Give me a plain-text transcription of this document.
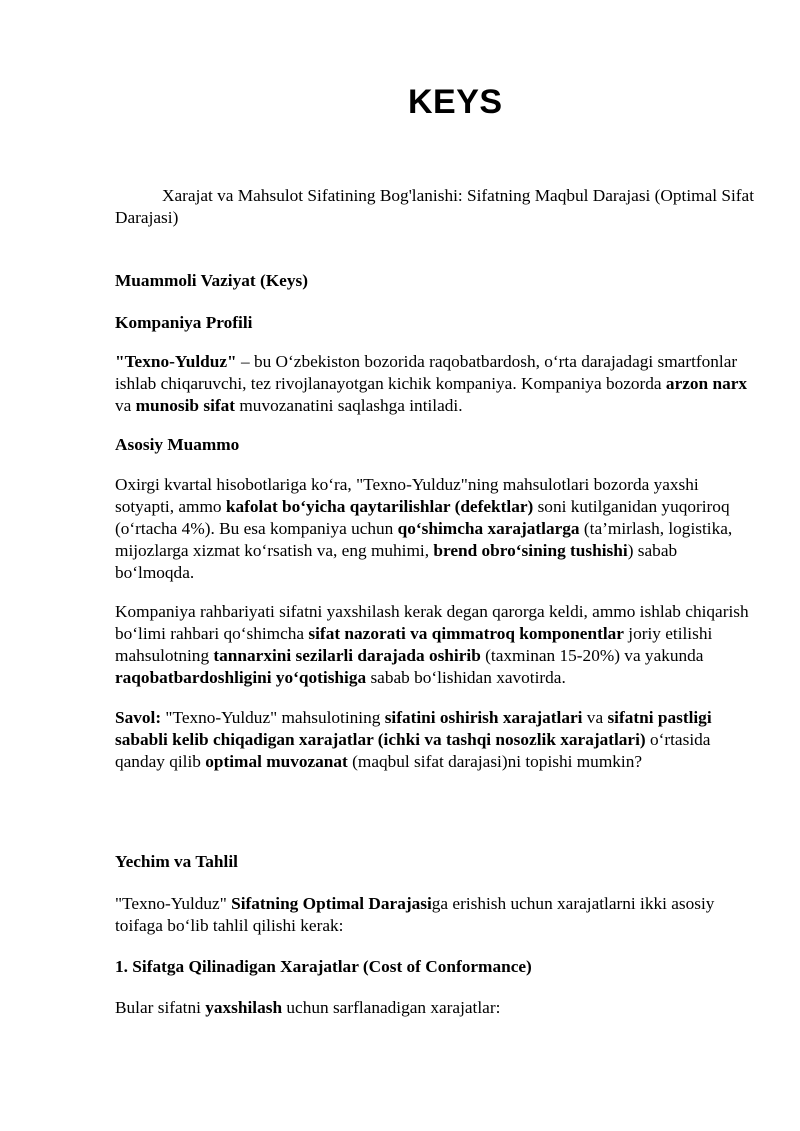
KEYS

Xarajat va Mahsulot Sifatining Bog'lanishi: Sifatning Maqbul Darajasi (Optimal Sifat Darajasi)

Muammoli Vaziyat (Keys)

Kompaniya Profili

"Texno-Yulduz" – bu O‘zbekiston bozorida raqobatbardosh, o‘rta darajadagi smartfonlar ishlab chiqaruvchi, tez rivojlanayotgan kichik kompaniya. Kompaniya bozorda arzon narx va munosib sifat muvozanatini saqlashga intiladi.

Asosiy Muammo

Oxirgi kvartal hisobotlariga ko‘ra, "Texno-Yulduz"ning mahsulotlari bozorda yaxshi sotyapti, ammo kafolat bo‘yicha qaytarilishlar (defektlar) soni kutilganidan yuqoriroq (o‘rtacha 4%). Bu esa kompaniya uchun qo‘shimcha xarajatlarga (ta’mirlash, logistika, mijozlarga xizmat ko‘rsatish va, eng muhimi, brend obro‘sining tushishi) sabab bo‘lmoqda.

Kompaniya rahbariyati sifatni yaxshilash kerak degan qarorga keldi, ammo ishlab chiqarish bo‘limi rahbari qo‘shimcha sifat nazorati va qimmatroq komponentlar joriy etilishi mahsulotning tannarxini sezilarli darajada oshirib (taxminan 15-20%) va yakunda raqobatbardoshligini yo‘qotishiga sabab bo‘lishidan xavotirda.

Savol: "Texno-Yulduz" mahsulotining sifatini oshirish xarajatlari va sifatni pastligi sababli kelib chiqadigan xarajatlar (ichki va tashqi nosozlik xarajatlari) o‘rtasida qanday qilib optimal muvozanat (maqbul sifat darajasi)ni topishi mumkin?

Yechim va Tahlil

"Texno-Yulduz" Sifatning Optimal Darajasiga erishish uchun xarajatlarni ikki asosiy toifaga bo‘lib tahlil qilishi kerak:

1. Sifatga Qilinadigan Xarajatlar (Cost of Conformance)

Bular sifatni yaxshilash uchun sarflanadigan xarajatlar:
